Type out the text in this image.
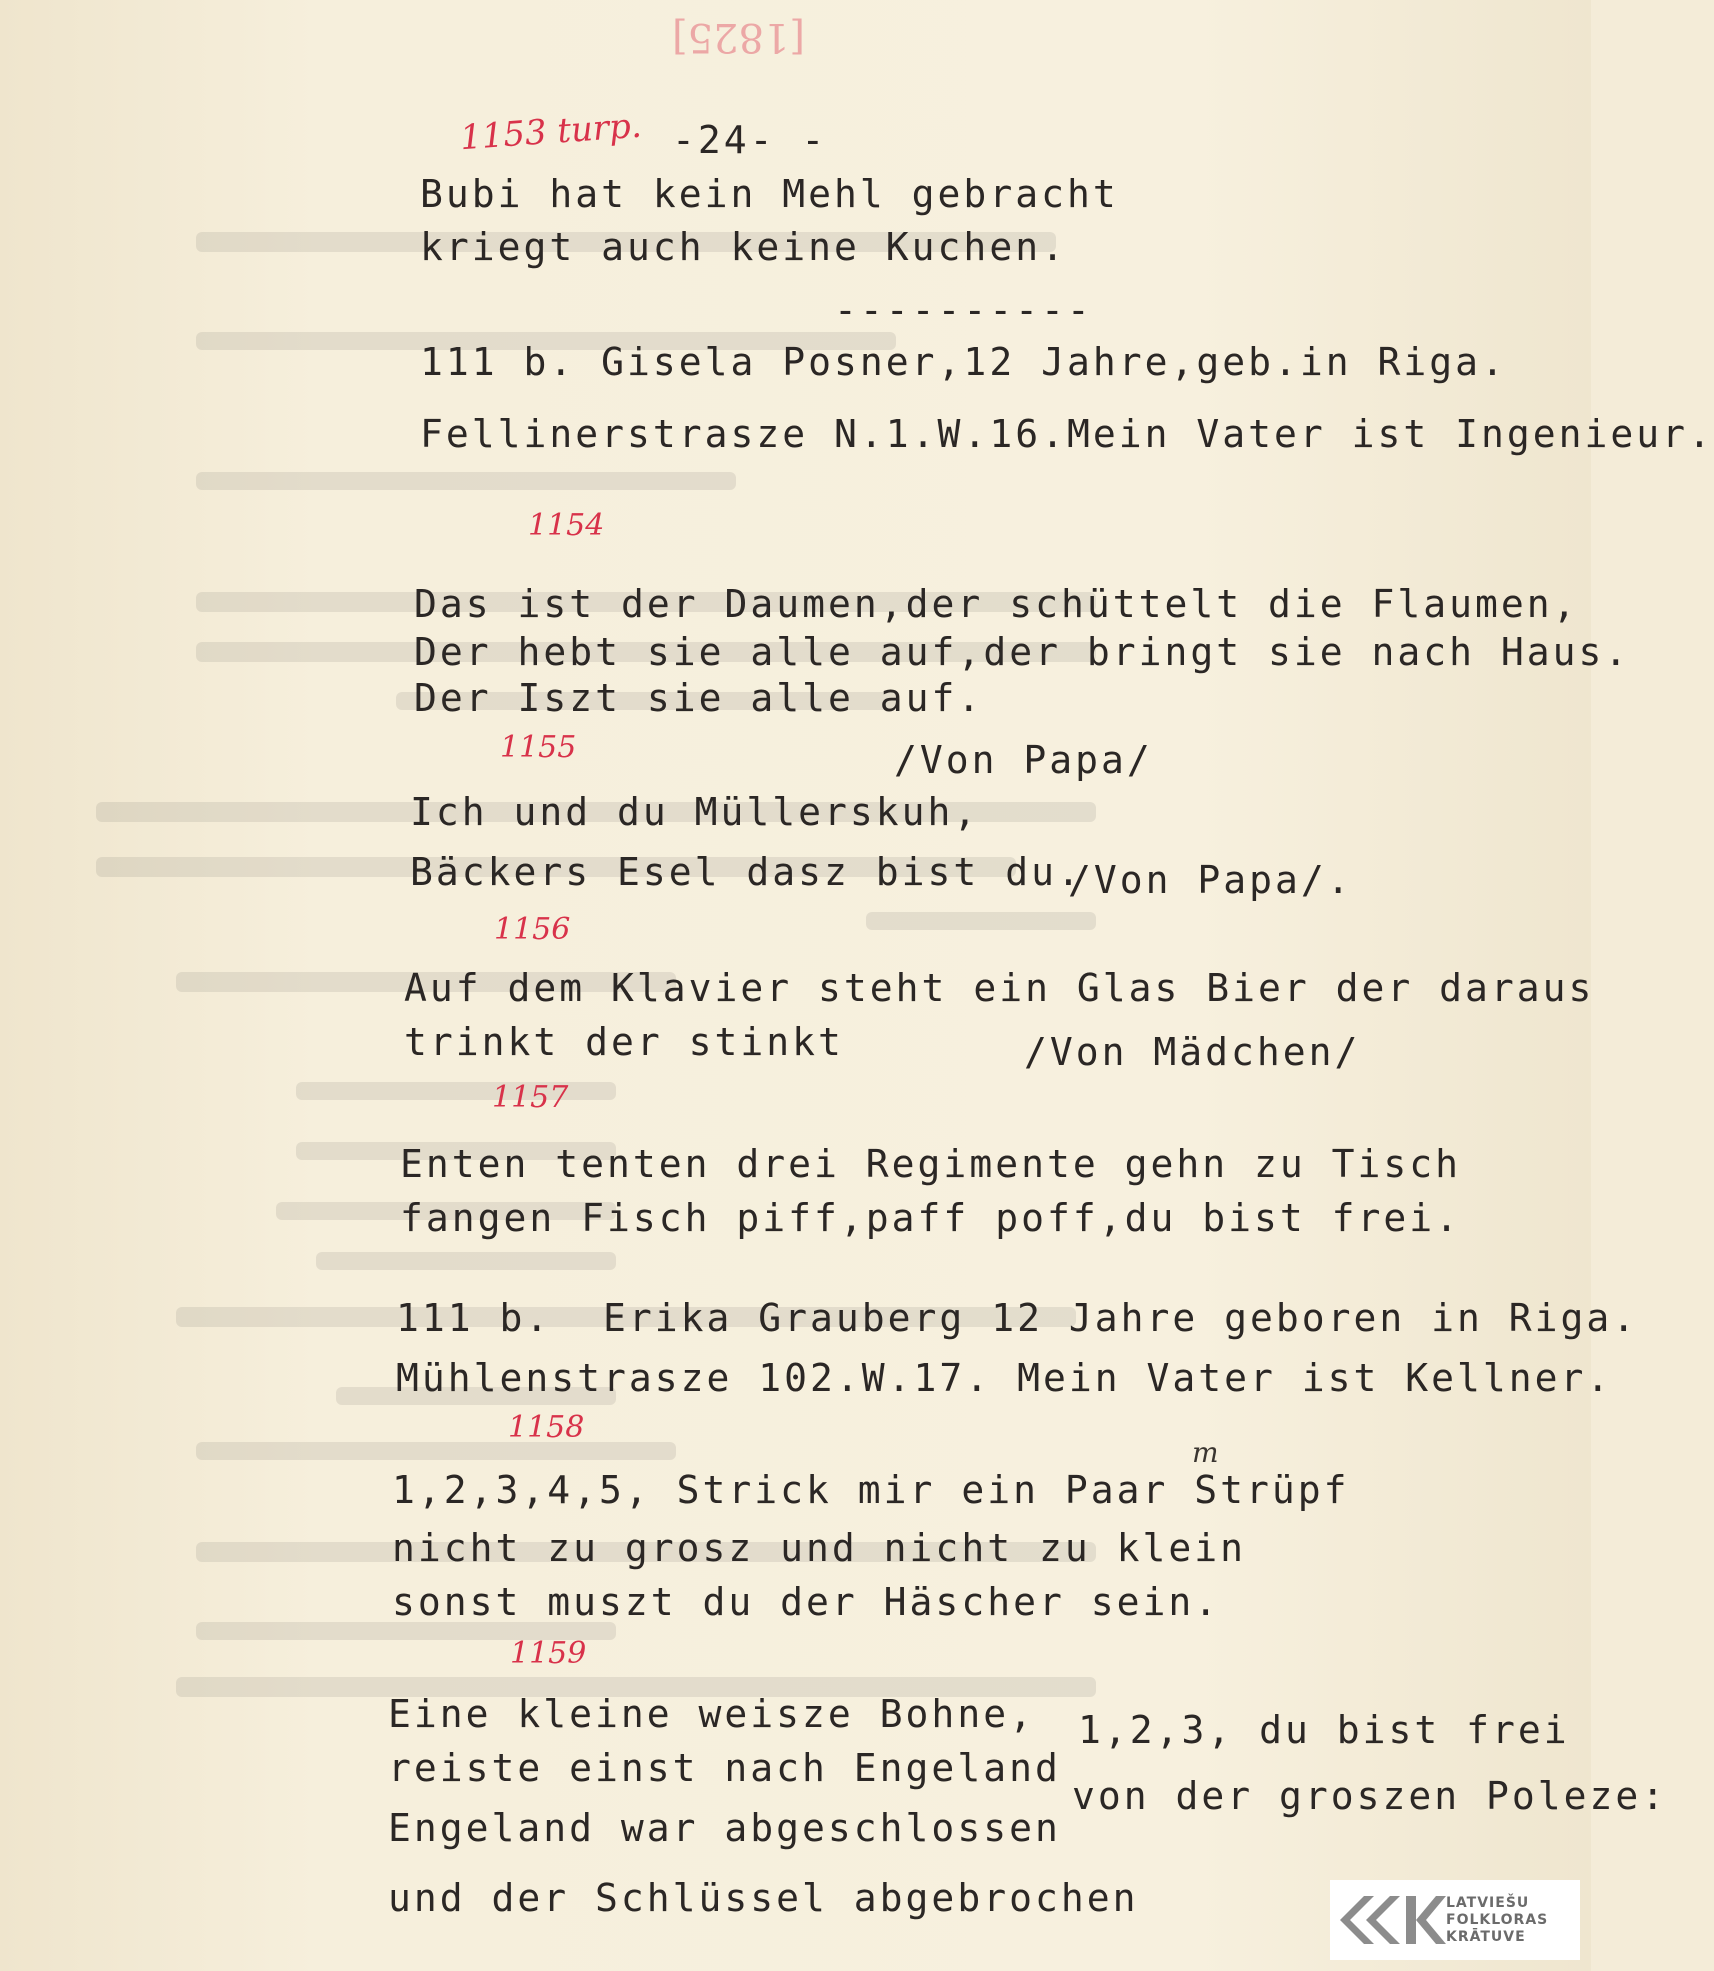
[1825]
1153 turp. -24- -
Bubi hat kein Mehl gebracht
kriegt auch keine Kuchen.
----------
111 b. Gisela Posner,12 Jahre,geb.in Riga.
Fellinerstrasze N.1.W.16.Mein Vater ist Ingenieur.
1154
Das ist der Daumen,der schüttelt die Flaumen,
Der hebt sie alle auf,der bringt sie nach Haus.
Der Iszt sie alle auf.
/Von Papa/
1155
Ich und du Müllerskuh,
Bäckers Esel dasz bist du.
/Von Papa/.
1156
Auf dem Klavier steht ein Glas Bier der daraus
trinkt der stinkt	/Von Mädchen/
1157
Enten tenten drei Regimente gehn zu Tisch
fangen Fisch piff,paff poff,du bist frei.
111 b.  Erika Grauberg 12 Jahre geboren in Riga.
Mühlenstrasze 102.W.17. Mein Vater ist Kellner.
1158
m
1,2,3,4,5, Strick mir ein Paar Strüpf
nicht zu grosz und nicht zu klein
sonst muszt du der Häscher sein.
1159
Eine kleine weisze Bohne,
reiste einst nach Engeland
Engeland war abgeschlossen
und der Schlüssel abgebrochen
1,2,3, du bist frei
von der groszen Poleze:
LATVIEŠU
FOLKLORAS
KRĀTUVE
